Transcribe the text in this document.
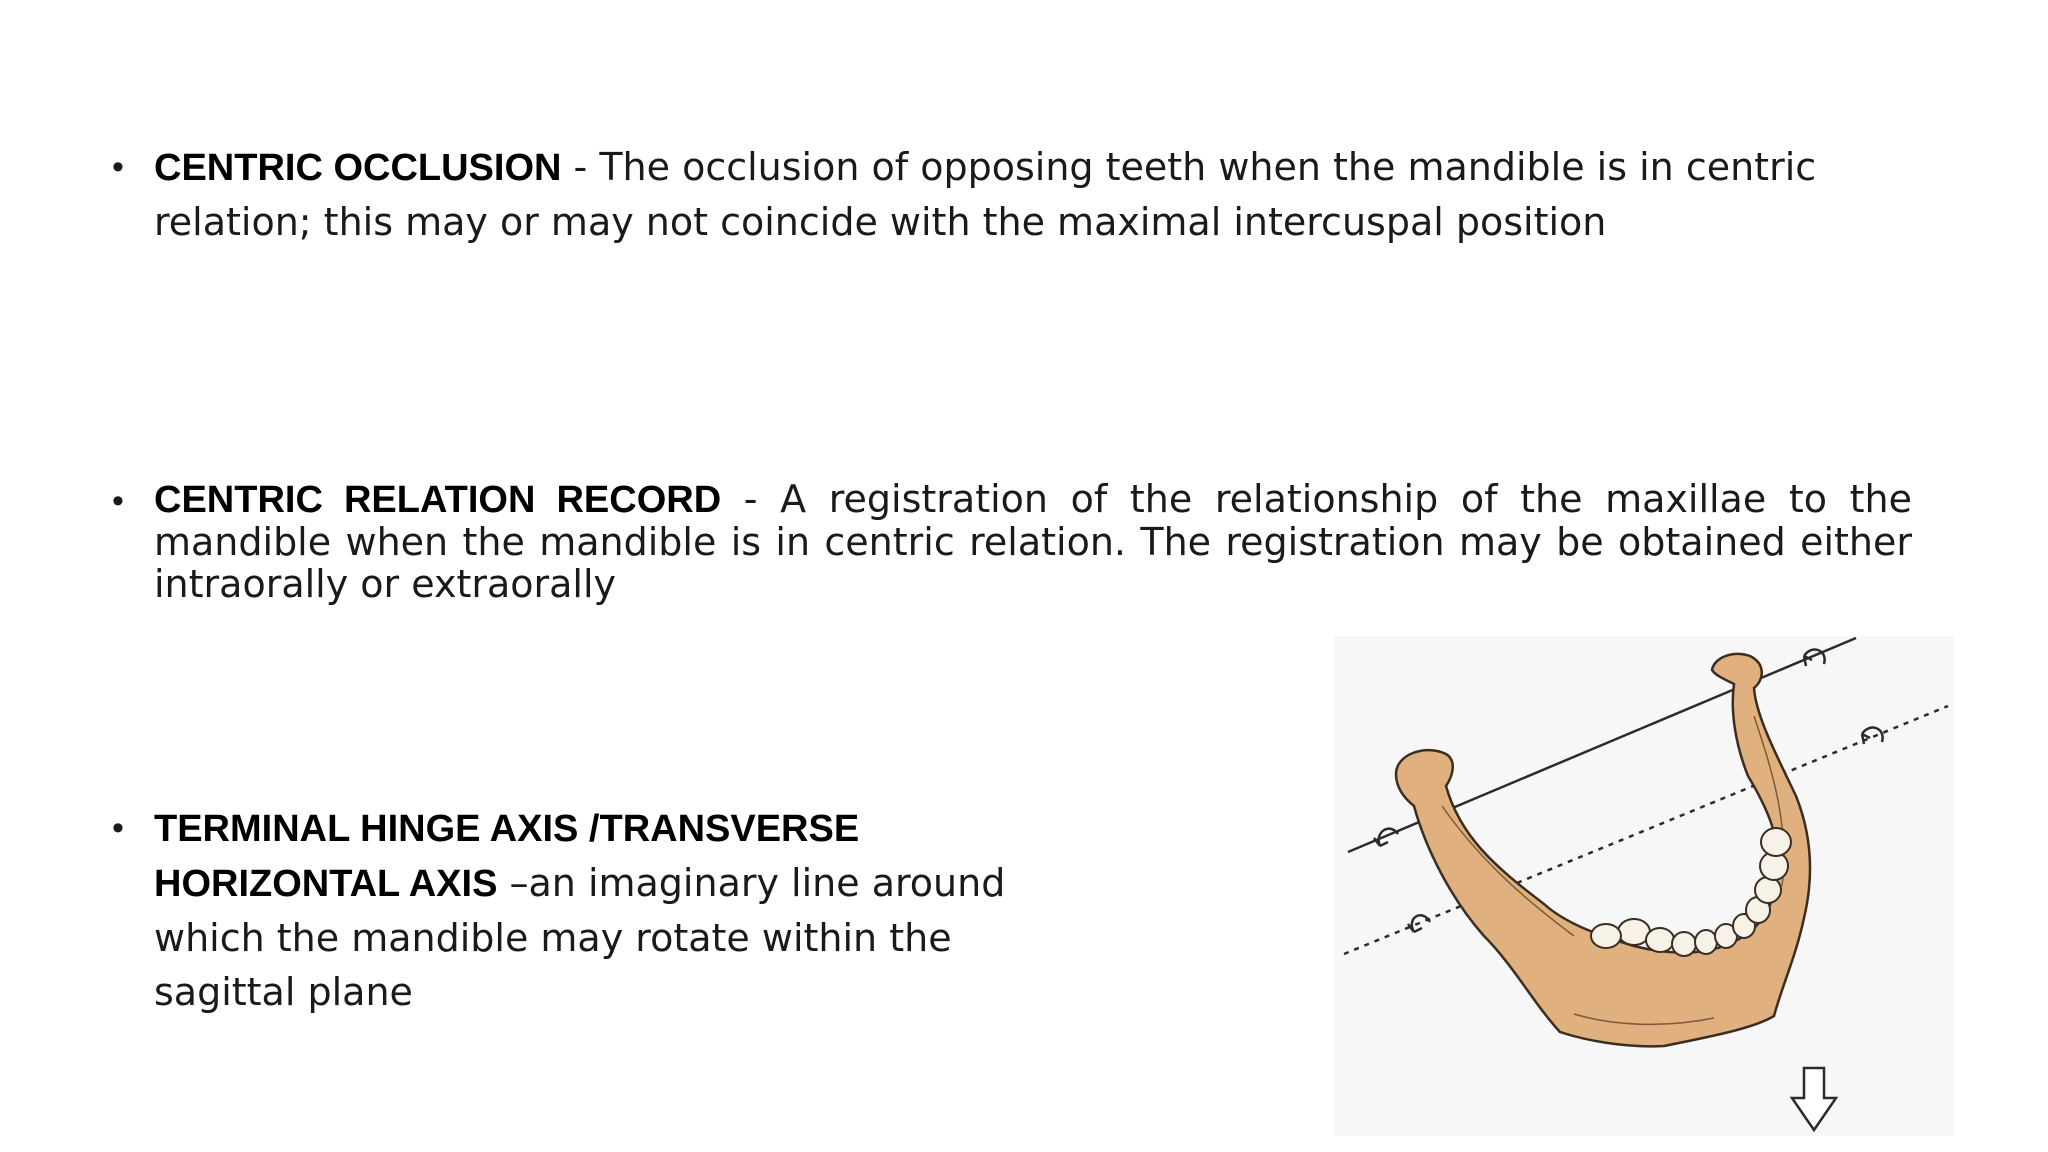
• CENTRIC OCCLUSION - The occlusion of opposing teeth when the mandible is in centric relation; this may or may not coincide with the maximal intercuspal position
• CENTRIC RELATION RECORD - A registration of the relationship of the maxillae to the mandible when the mandible is in centric relation. The registration may be obtained either intraorally or extraorally
• TERMINAL HINGE AXIS /TRANSVERSE HORIZONTAL AXIS –an imaginary line around which the mandible may rotate within the sagittal plane
